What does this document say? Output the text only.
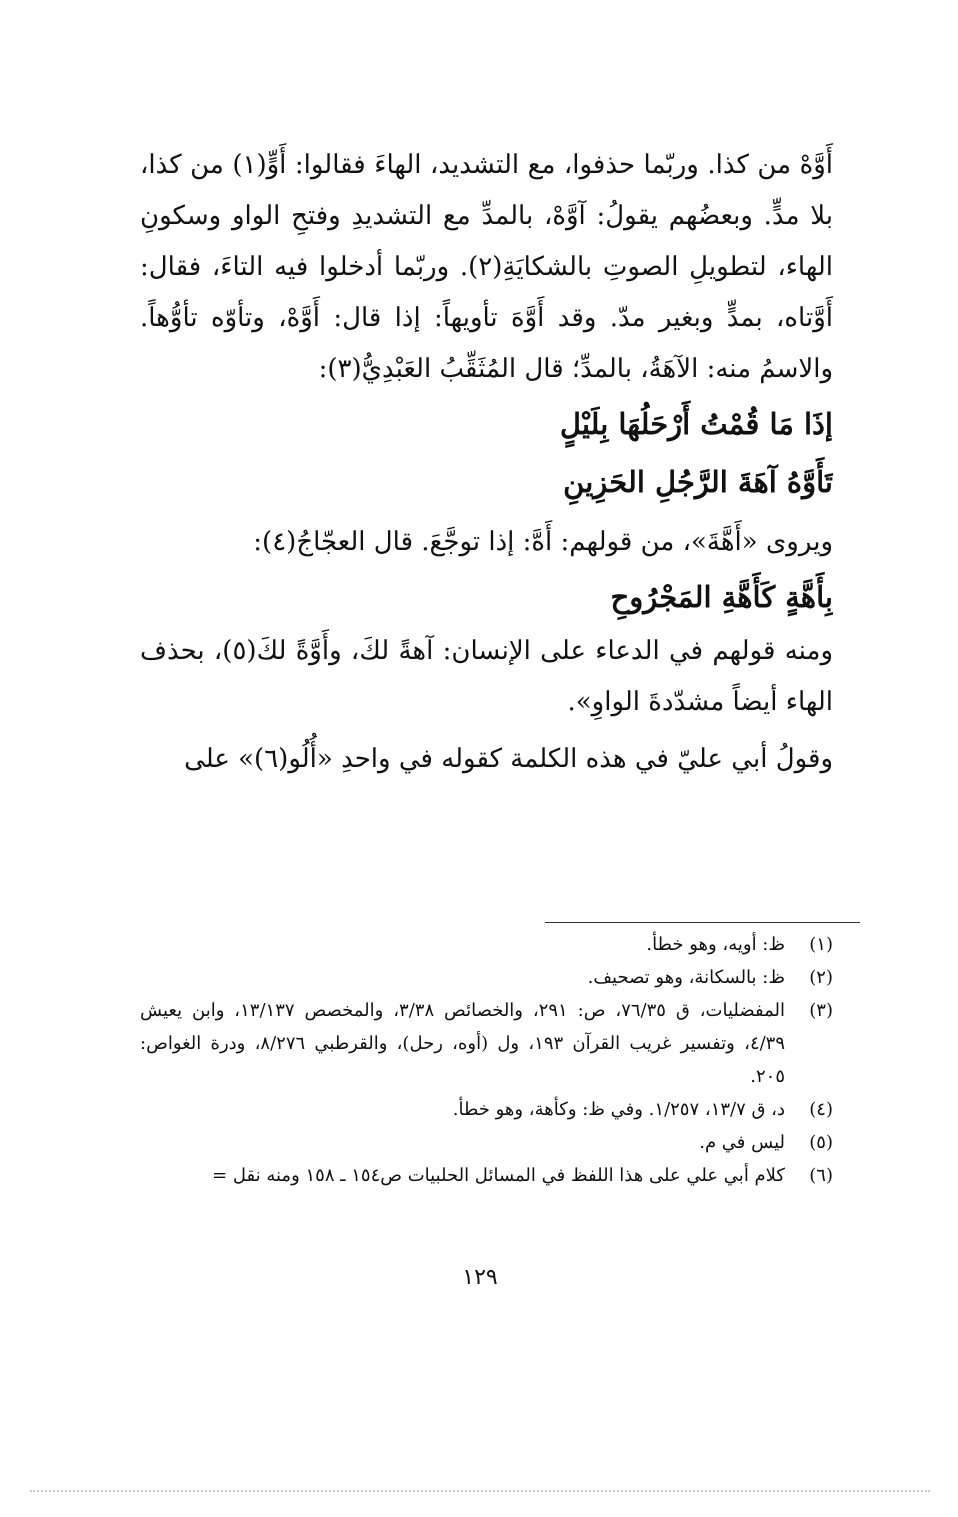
أَوَّهْ من كذا. وربّما حذفوا، مع التشديد، الهاءَ فقالوا: أَوٍّ(١) من كذا، بلا مدٍّ. وبعضُهم يقولُ: آوَّهْ، بالمدِّ مع التشديدِ وفتحِ الواو وسكونِ الهاء، لتطويلِ الصوتِ بالشكايَةِ(٢). وربّما أدخلوا فيه التاءَ، فقال: أَوَّتاه، بمدٍّ وبغير مدّ. وقد أَوَّهَ تأويهاً: إذا قال: أَوَّهْ، وتأوّه تأوُّهاً. والاسمُ منه: الآهَةُ، بالمدِّ؛ قال المُثَقِّبُ العَبْدِيُّ(٣):

إذَا مَا قُمْتُ أَرْحَلُهَا بِلَيْلٍ
تَأَوَّهُ آهَةَ الرَّجُلِ الحَزِينِ

ويروى «أَهَّةَ»، من قولهم: أَهَّ: إذا توجَّعَ. قال العجّاجُ(٤):

بِأَهَّةٍ كَأَهَّةِ المَجْرُوحِ

ومنه قولهم في الدعاء على الإنسان: آهةً لكَ، وأَوَّةً لكَ(٥)، بحذف الهاء أيضاً مشدّدةَ الواوِ».

وقولُ أبي عليّ في هذه الكلمة كقوله في واحدِ «أُلُو(٦)» على

(١)
ظ: أويه، وهو خطأ.
(٢)
ظ: بالسكانة، وهو تصحيف.
(٣)
المفضليات، ق ٧٦/٣٥، ص: ٢٩١، والخصائص ٣/٣٨، والمخصص ١٣/١٣٧، وابن يعيش ٤/٣٩، وتفسير غريب القرآن ١٩٣، ول (أوه، رحل)، والقرطبي ٨/٢٧٦، ودرة الغواص: ٢٠٥.
(٤)
د، ق ١٣/٧، ١/٢٥٧. وفي ظ: وكأهة، وهو خطأ.
(٥)
ليس في م.
(٦)
كلام أبي علي على هذا اللفظ في المسائل الحلبيات ص١٥٤ ـ ١٥٨ ومنه نقل =
١٢٩
